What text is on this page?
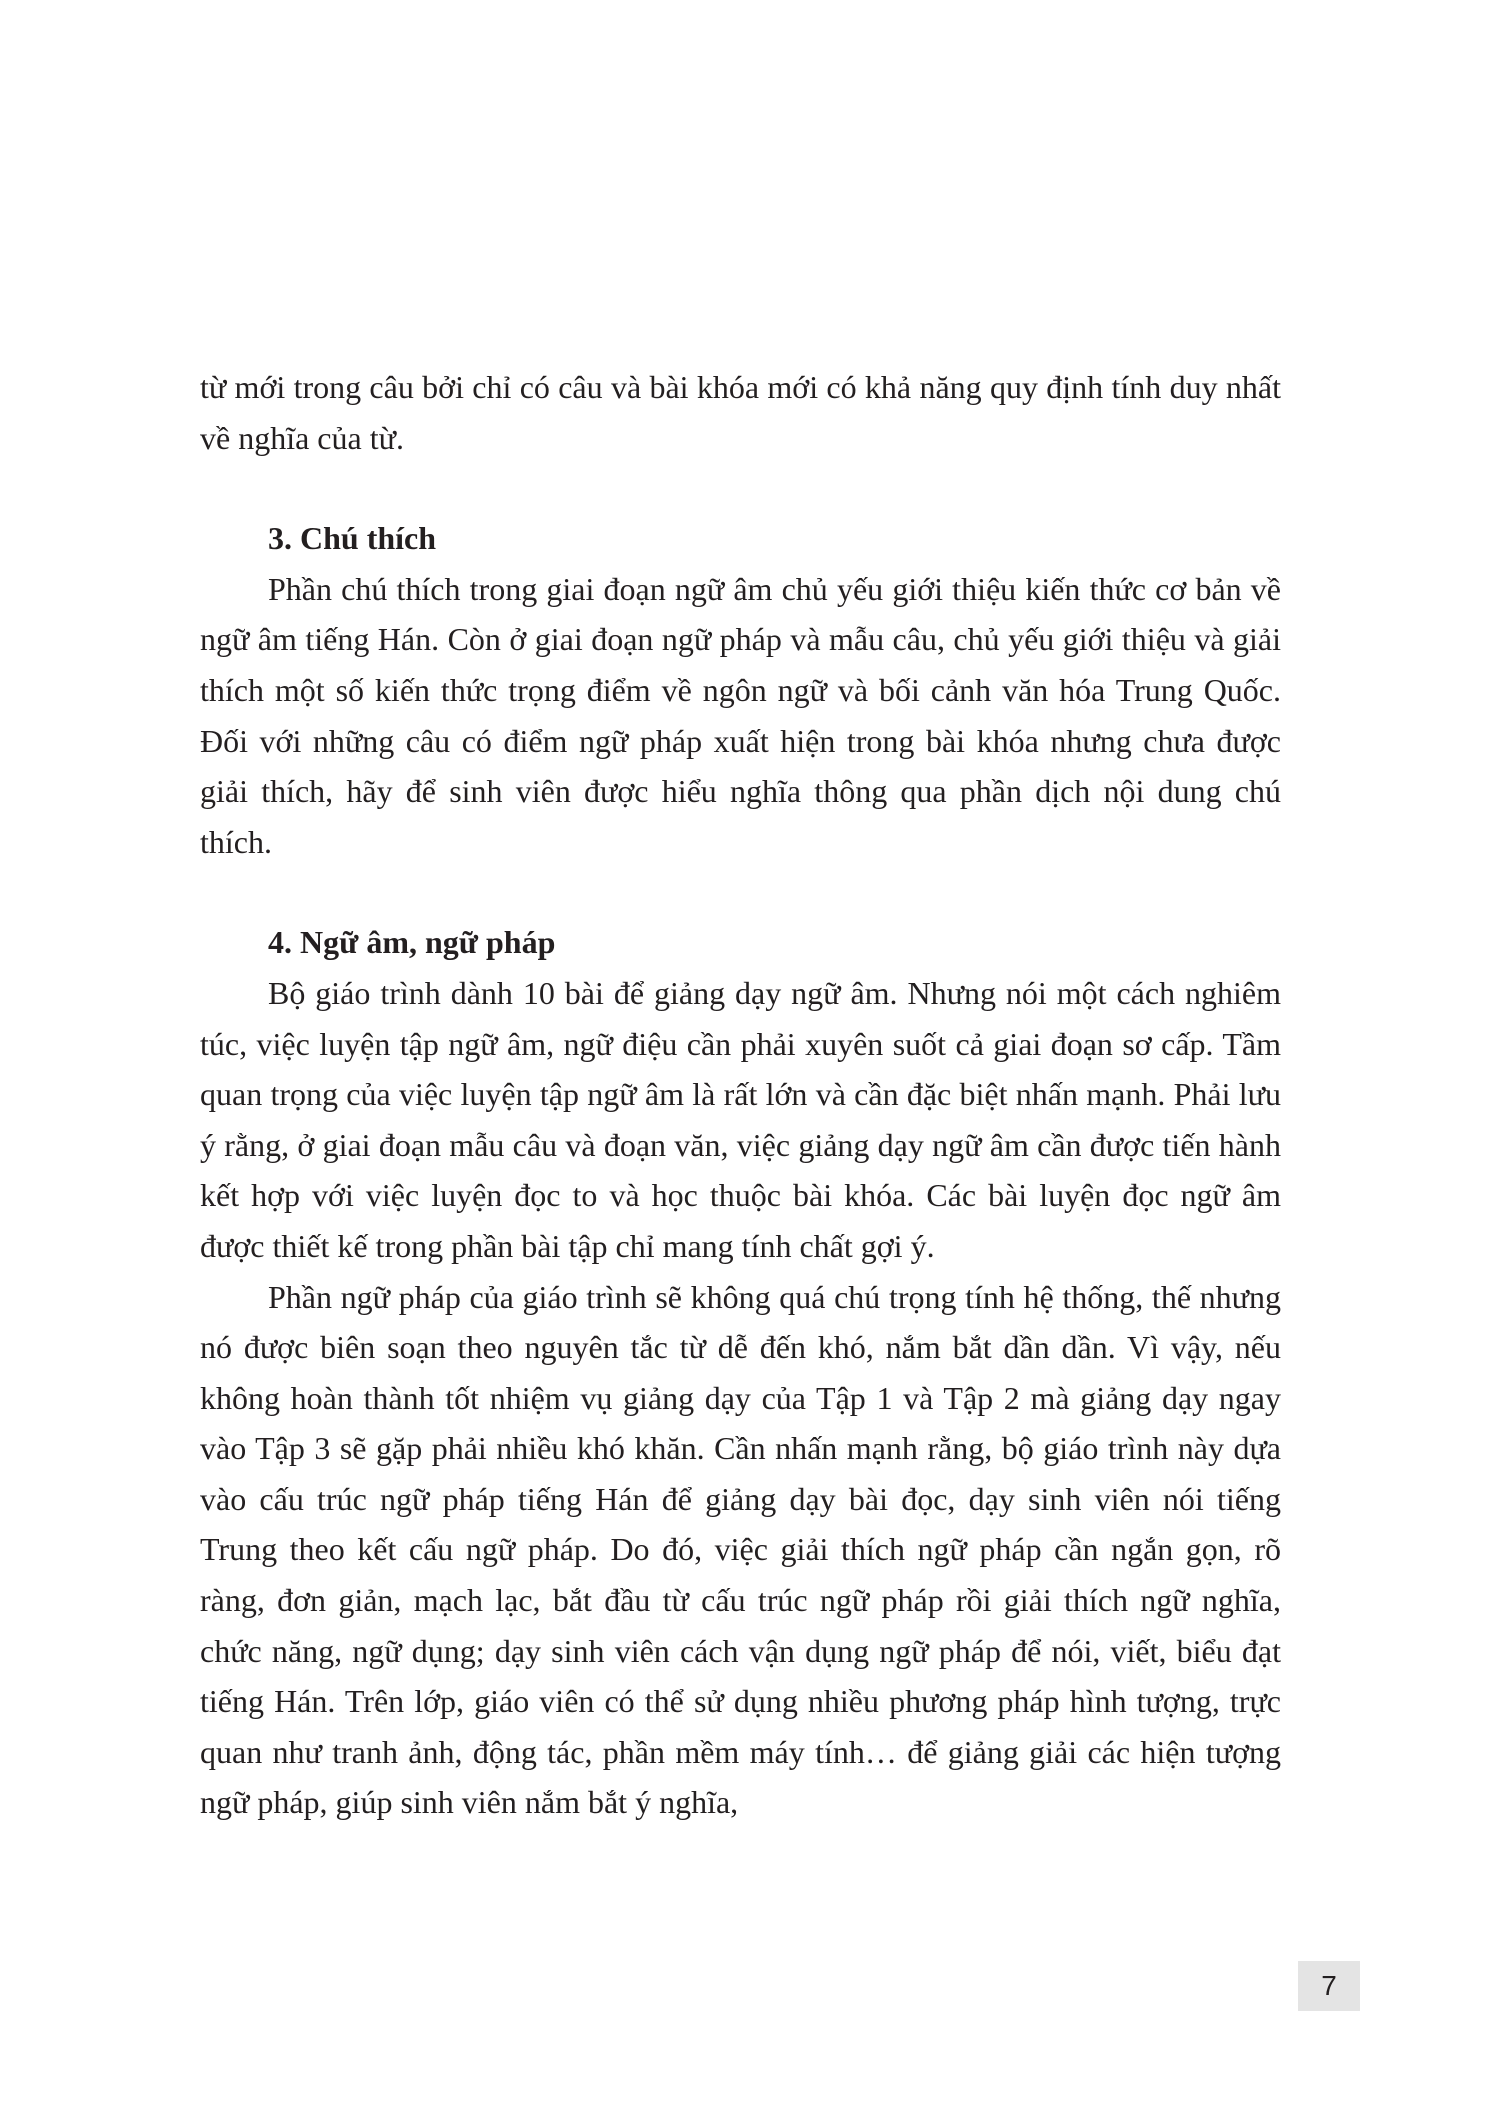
từ mới trong câu bởi chỉ có câu và bài khóa mới có khả năng quy định tính duy nhất về nghĩa của từ.

3. Chú thích

Phần chú thích trong giai đoạn ngữ âm chủ yếu giới thiệu kiến thức cơ bản về ngữ âm tiếng Hán. Còn ở giai đoạn ngữ pháp và mẫu câu, chủ yếu giới thiệu và giải thích một số kiến thức trọng điểm về ngôn ngữ và bối cảnh văn hóa Trung Quốc. Đối với những câu có điểm ngữ pháp xuất hiện trong bài khóa nhưng chưa được giải thích, hãy để sinh viên được hiểu nghĩa thông qua phần dịch nội dung chú thích.

4. Ngữ âm, ngữ pháp

Bộ giáo trình dành 10 bài để giảng dạy ngữ âm. Nhưng nói một cách nghiêm túc, việc luyện tập ngữ âm, ngữ điệu cần phải xuyên suốt cả giai đoạn sơ cấp. Tầm quan trọng của việc luyện tập ngữ âm là rất lớn và cần đặc biệt nhấn mạnh. Phải lưu ý rằng, ở giai đoạn mẫu câu và đoạn văn, việc giảng dạy ngữ âm cần được tiến hành kết hợp với việc luyện đọc to và học thuộc bài khóa. Các bài luyện đọc ngữ âm được thiết kế trong phần bài tập chỉ mang tính chất gợi ý.

Phần ngữ pháp của giáo trình sẽ không quá chú trọng tính hệ thống, thế nhưng nó được biên soạn theo nguyên tắc từ dễ đến khó, nắm bắt dần dần. Vì vậy, nếu không hoàn thành tốt nhiệm vụ giảng dạy của Tập 1 và Tập 2 mà giảng dạy ngay vào Tập 3 sẽ gặp phải nhiều khó khăn. Cần nhấn mạnh rằng, bộ giáo trình này dựa vào cấu trúc ngữ pháp tiếng Hán để giảng dạy bài đọc, dạy sinh viên nói tiếng Trung theo kết cấu ngữ pháp. Do đó, việc giải thích ngữ pháp cần ngắn gọn, rõ ràng, đơn giản, mạch lạc, bắt đầu từ cấu trúc ngữ pháp rồi giải thích ngữ nghĩa, chức năng, ngữ dụng; dạy sinh viên cách vận dụng ngữ pháp để nói, viết, biểu đạt tiếng Hán. Trên lớp, giáo viên có thể sử dụng nhiều phương pháp hình tượng, trực quan như tranh ảnh, động tác, phần mềm máy tính… để giảng giải các hiện tượng ngữ pháp, giúp sinh viên nắm bắt ý nghĩa,

7
